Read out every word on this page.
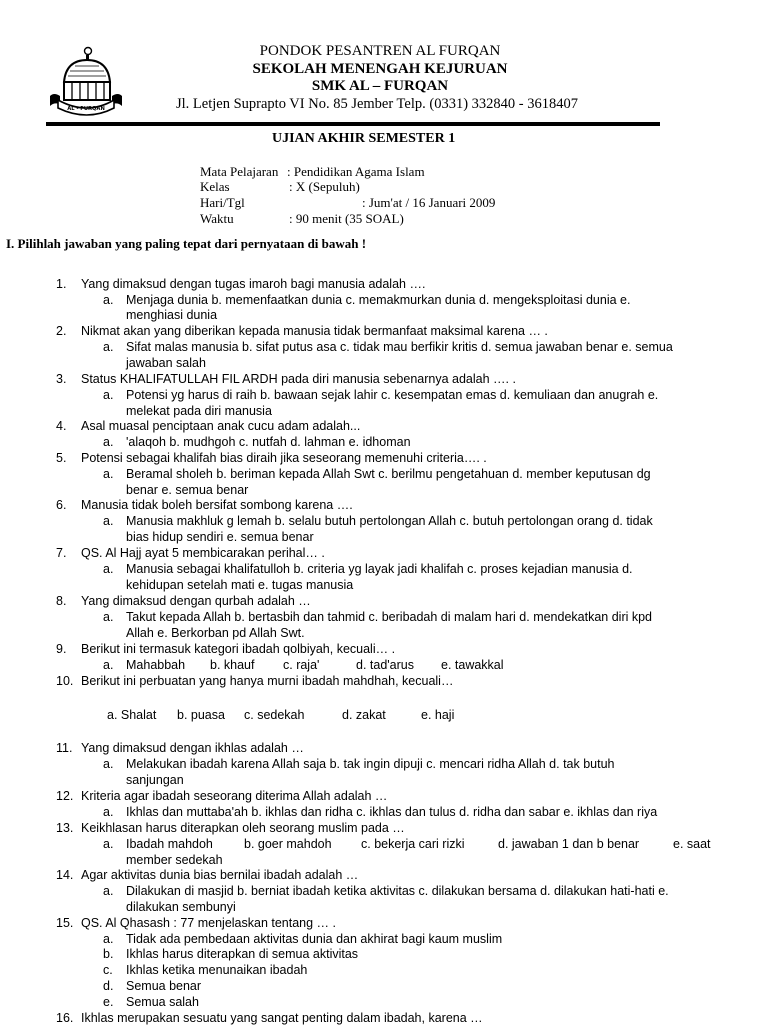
AL - FURQAN
PONDOK PESANTREN AL FURQAN
SEKOLAH MENENGAH KEJURUAN
SMK AL – FURQAN
Jl. Letjen Suprapto VI No. 85 Jember Telp. (0331) 332840 - 3618407
UJIAN AKHIR SEMESTER 1
Mata Pelajaran : Pendidikan Agama Islam
Kelas	: X (Sepuluh)
Hari/Tgl	: Jum'at / 16 Januari 2009
Waktu	: 90 menit (35 SOAL)
I. Pilihlah jawaban yang paling tepat dari pernyataan di bawah !
1. Yang dimaksud dengan tugas imaroh bagi manusia adalah ….
a. Menjaga dunia b. memenfaatkan dunia c. memakmurkan dunia d. mengeksploitasi dunia e.
menghiasi dunia
2. Nikmat akan yang diberikan kepada manusia tidak bermanfaat maksimal karena … .
a. Sifat malas manusia b. sifat putus asa c. tidak mau berfikir kritis d. semua jawaban benar e. semua
jawaban salah
3. Status KHALIFATULLAH FIL ARDH pada diri manusia sebenarnya adalah …. .
a. Potensi yg harus di raih b. bawaan sejak lahir c. kesempatan emas d. kemuliaan dan anugrah e.
melekat pada diri manusia
4. Asal muasal penciptaan anak cucu adam adalah...
a. 'alaqoh b. mudhgoh c. nutfah d. lahman e. idhoman
5. Potensi sebagai khalifah bias diraih jika seseorang memenuhi criteria…. .
a. Beramal sholeh b. beriman kepada Allah Swt c. berilmu pengetahuan d. member keputusan dg
benar e. semua benar
6. Manusia tidak boleh bersifat sombong karena ….
a. Manusia makhluk g lemah b. selalu butuh pertolongan Allah c. butuh pertolongan orang d. tidak
bias hidup sendiri e. semua benar
7. QS. Al Hajj ayat 5 membicarakan perihal… .
a. Manusia sebagai khalifatulloh b. criteria yg layak jadi khalifah c. proses kejadian manusia d.
kehidupan setelah mati e. tugas manusia
8. Yang dimaksud dengan qurbah adalah …
a. Takut kepada Allah b. bertasbih dan tahmid c. beribadah di malam hari d. mendekatkan diri kpd
Allah e. Berkorban pd Allah Swt.
9. Berikut ini termasuk kategori ibadah qolbiyah, kecuali… .
a. Mahabbah b. khauf c. raja'	d. tad'arus e. tawakkal
10. Berikut ini perbuatan yang hanya murni ibadah mahdhah, kecuali…
a. Shalat b. puasa c. sedekah	d. zakat	e. haji
11. Yang dimaksud dengan ikhlas adalah …
a. Melakukan ibadah karena Allah saja b. tak ingin dipuji c. mencari ridha Allah d. tak butuh
sanjungan
12. Kriteria agar ibadah seseorang diterima Allah adalah …
a. Ikhlas dan muttaba'ah b. ikhlas dan ridha c. ikhlas dan tulus d. ridha dan sabar e. ikhlas dan riya
13. Keikhlasan harus diterapkan oleh seorang muslim pada …
a. Ibadah mahdoh b. goer mahdoh c. bekerja cari rizki	d. jawaban 1 dan b benar	e. saat
member sedekah
14. Agar aktivitas dunia bias bernilai ibadah adalah …
a. Dilakukan di masjid b. berniat ibadah ketika aktivitas c. dilakukan bersama d. dilakukan hati-hati e.
dilakukan sembunyi
15. QS. Al Qhasash : 77 menjelaskan tentang … .
a. Tidak ada pembedaan aktivitas dunia dan akhirat bagi kaum muslim
b. Ikhlas harus diterapkan di semua aktivitas
c. Ikhlas ketika menunaikan ibadah
d. Semua benar
e. Semua salah
16. Ikhlas merupakan sesuatu yang sangat penting dalam ibadah, karena …
